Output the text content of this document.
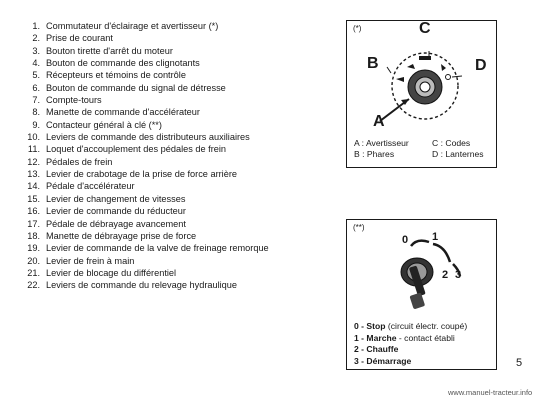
1. Commutateur d'éclairage et avertisseur (*)
2. Prise de courant
3. Bouton tirette d'arrêt du moteur
4. Bouton de commande des clignotants
5. Récepteurs et témoins de contrôle
6. Bouton de commande du signal de détresse
7. Compte-tours
8. Manette de commande d'accélérateur
9. Contacteur général à clé (**)
10. Leviers de commande des distributeurs auxiliaires
11. Loquet d'accouplement des pédales de frein
12. Pédales de frein
13. Levier de crabotage de la prise de force arrière
14. Pédale d'accélérateur
15. Levier de changement de vitesses
16. Levier de commande du réducteur
17. Pédale de débrayage avancement
18. Manette de débrayage prise de force
19. Levier de commande de la valve de freinage remorque
20. Levier de frein à main
21. Levier de blocage du différentiel
22. Leviers de commande du relevage hydraulique
(*)	C
B	D
A
A : Avertisseur	C : Codes
B : Phares	D : Lanternes
(**)
0 1
2 3
0 - Stop (circuit électr. coupé)
1 - Marche - contact établi
2 - Chauffe
3 - Démarrage	5
www.manuel-tracteur.info
